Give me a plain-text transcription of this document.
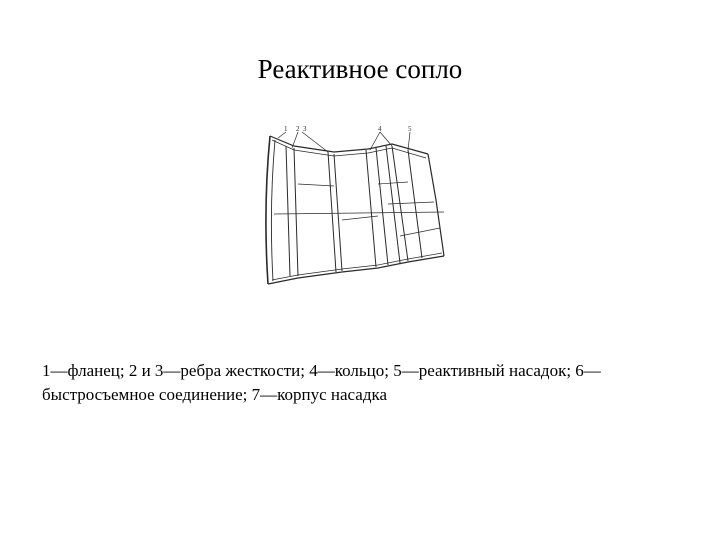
Реактивное сопло
1 2 3	4	5

1—фланец; 2 и 3—ребра жесткости; 4—кольцо; 5—реактивный насадок; 6—быстросъемное соединение; 7—корпус насадка
